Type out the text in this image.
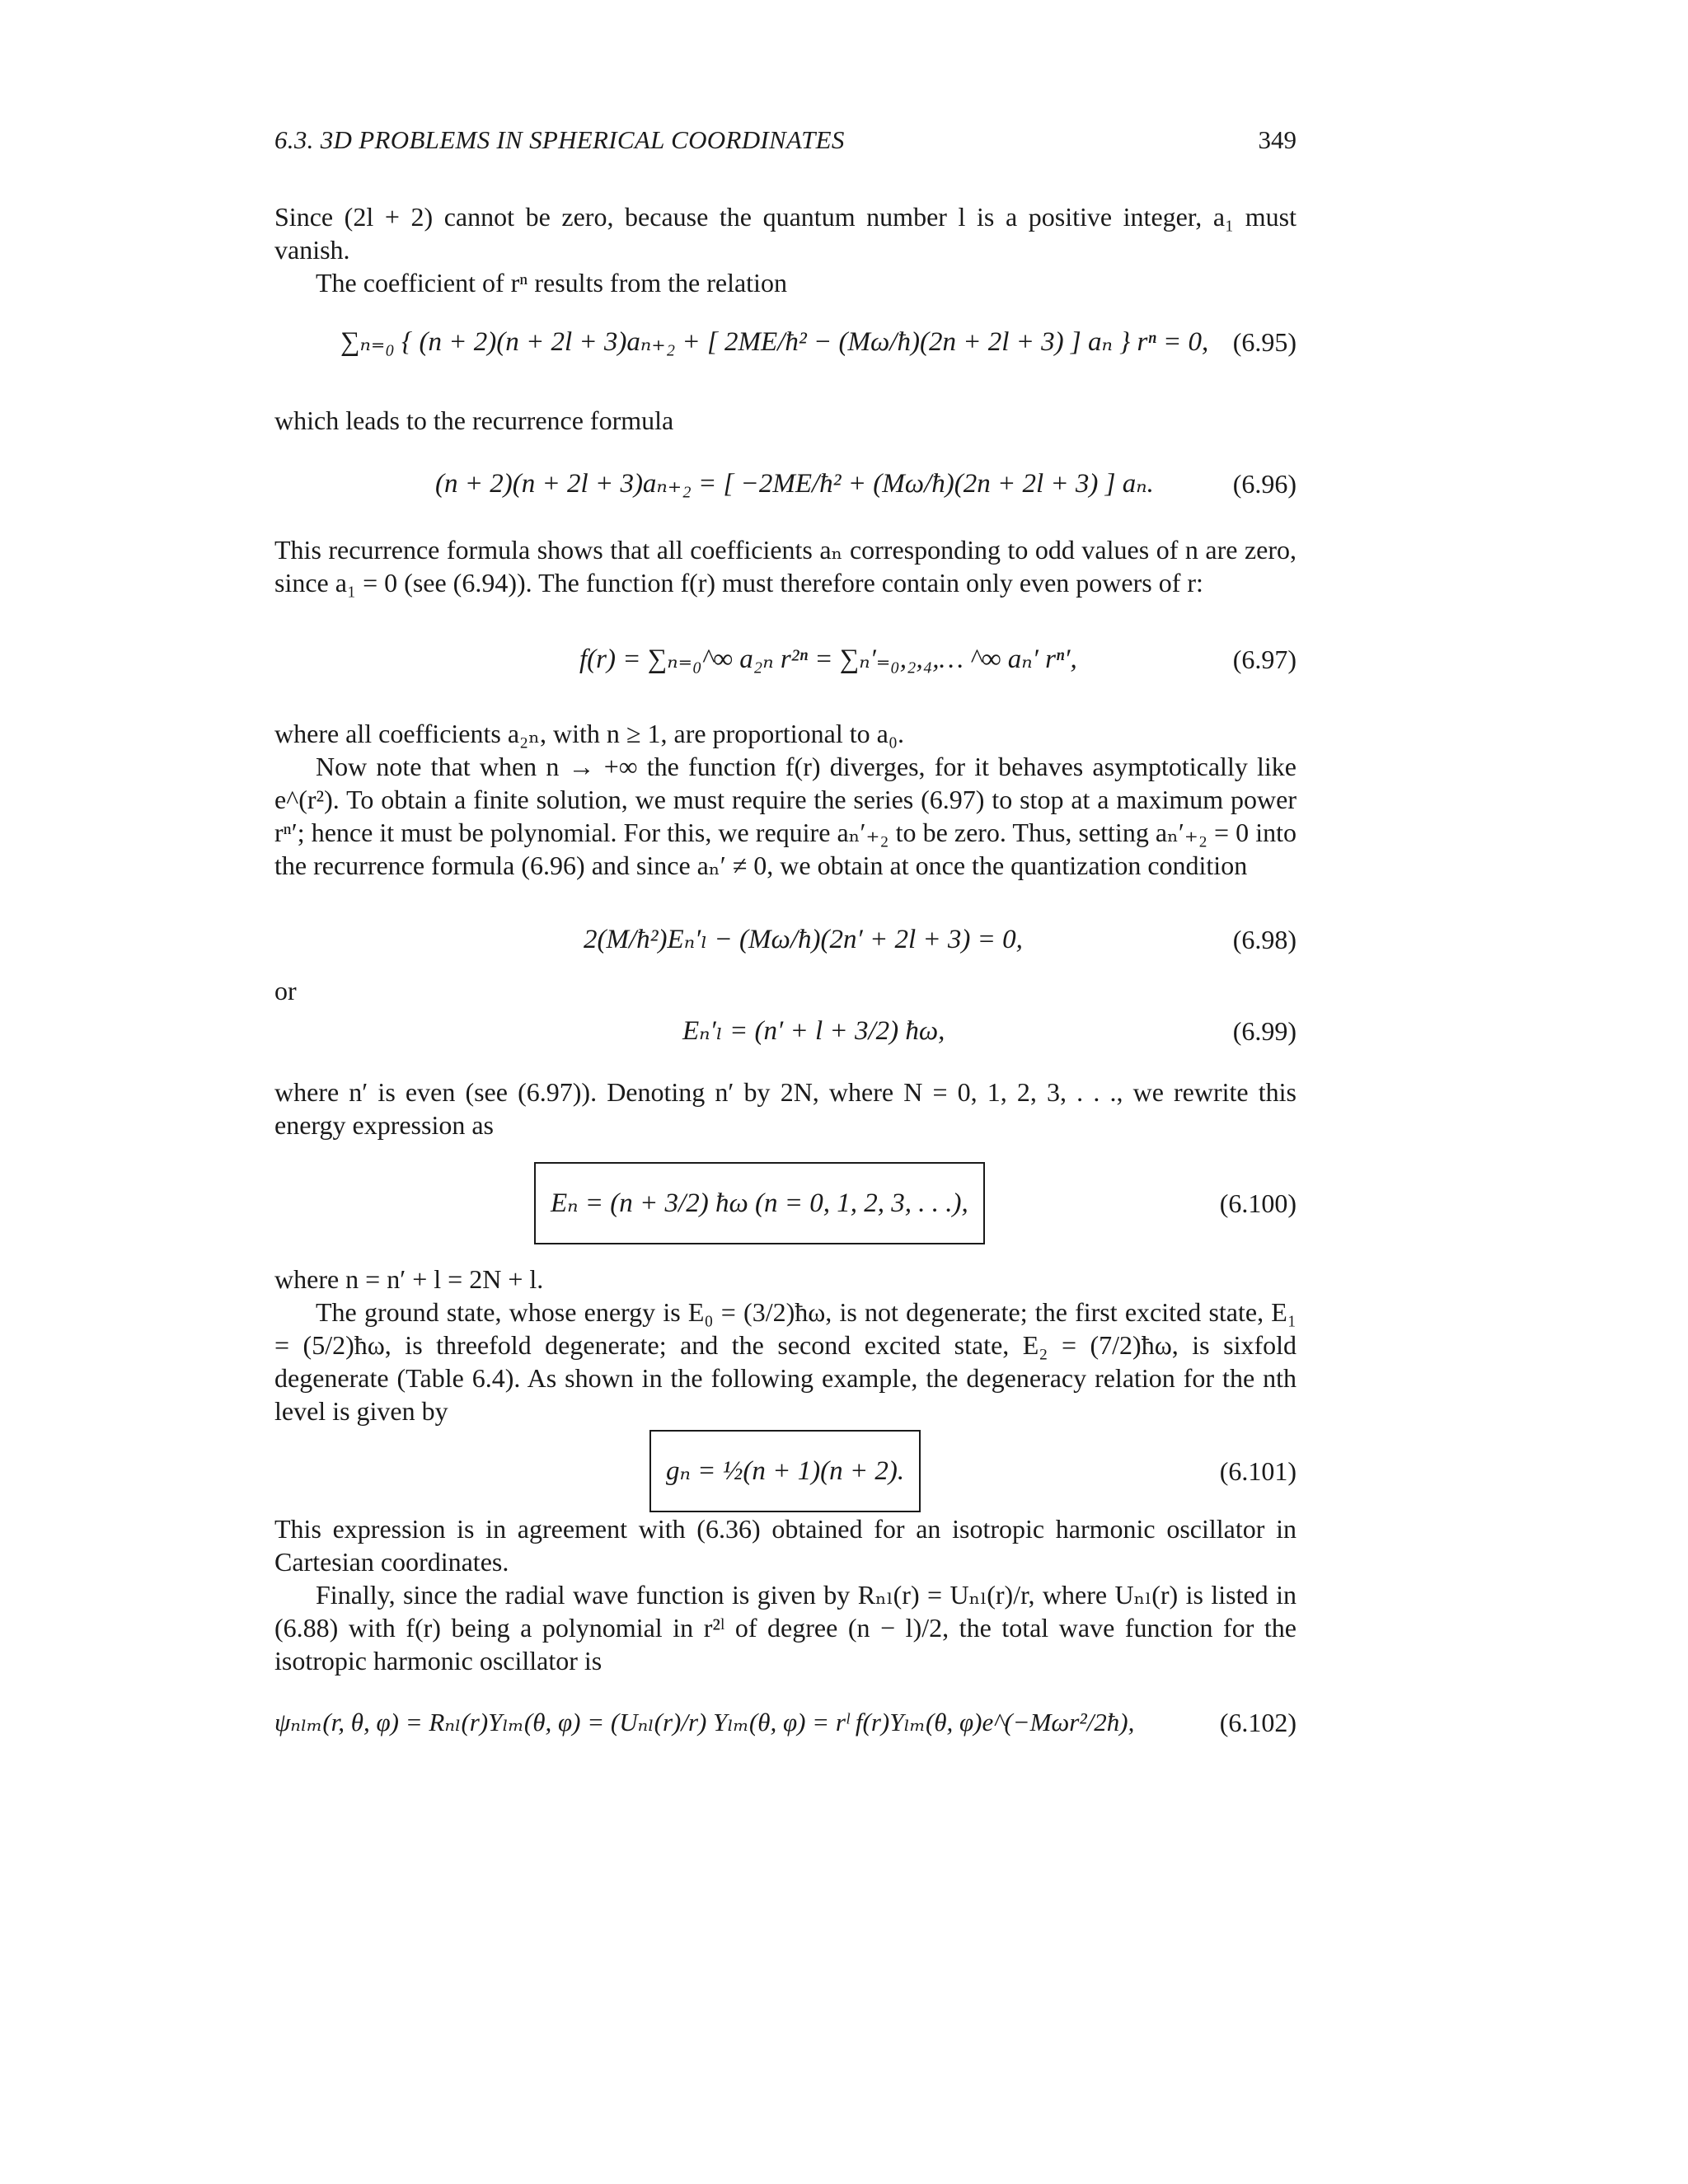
6.3. 3D PROBLEMS IN SPHERICAL COORDINATES	349

Since (2l + 2) cannot be zero, because the quantum number l is a positive integer, a₁ must vanish.

The coefficient of rⁿ results from the relation

∑ₙ₌₀ { (n + 2)(n + 2l + 3)aₙ₊₂ + [ 2ME/ħ² − (Mω/ħ)(2n + 2l + 3) ] aₙ } rⁿ = 0, (6.95)

which leads to the recurrence formula

(n + 2)(n + 2l + 3)aₙ₊₂ = [ −2ME/ħ² + (Mω/ħ)(2n + 2l + 3) ] aₙ.	(6.96)

This recurrence formula shows that all coefficients aₙ corresponding to odd values of n are zero, since a₁ = 0 (see (6.94)). The function f(r) must therefore contain only even powers of r:

f(r) = ∑ₙ₌₀^∞ a₂ₙ r²ⁿ = ∑ₙ′₌₀,₂,₄,… ^∞ aₙ′ rⁿ′,	(6.97)

where all coefficients a₂ₙ, with n ≥ 1, are proportional to a₀.

Now note that when n → +∞ the function f(r) diverges, for it behaves asymptotically like e^(r²). To obtain a finite solution, we must require the series (6.97) to stop at a maximum power rⁿ′; hence it must be polynomial. For this, we require aₙ′₊₂ to be zero. Thus, setting aₙ′₊₂ = 0 into the recurrence formula (6.96) and since aₙ′ ≠ 0, we obtain at once the quantization condition

2(M/ħ²)Eₙ′ₗ − (Mω/ħ)(2n′ + 2l + 3) = 0,	(6.98)
or
Eₙ′ₗ = (n′ + l + 3/2) ħω,	(6.99)

where n′ is even (see (6.97)). Denoting n′ by 2N, where N = 0, 1, 2, 3, . . ., we rewrite this energy expression as

Eₙ = (n + 3/2) ħω (n = 0, 1, 2, 3, . . .),	(6.100)

where n = n′ + l = 2N + l.

The ground state, whose energy is E₀ = (3/2)ħω, is not degenerate; the first excited state, E₁ = (5/2)ħω, is threefold degenerate; and the second excited state, E₂ = (7/2)ħω, is sixfold degenerate (Table 6.4). As shown in the following example, the degeneracy relation for the nth level is given by

gₙ = ½(n + 1)(n + 2).	(6.101)

This expression is in agreement with (6.36) obtained for an isotropic harmonic oscillator in Cartesian coordinates.

Finally, since the radial wave function is given by Rₙₗ(r) = Uₙₗ(r)/r, where Uₙₗ(r) is listed in (6.88) with f(r) being a polynomial in r²ˡ of degree (n − l)/2, the total wave function for the isotropic harmonic oscillator is

ψₙₗₘ(r, θ, φ) = Rₙₗ(r)Yₗₘ(θ, φ) = (Uₙₗ(r)/r) Yₗₘ(θ, φ) = rˡ f(r)Yₗₘ(θ, φ)e^(−Mωr²/2ħ),	(6.102)
